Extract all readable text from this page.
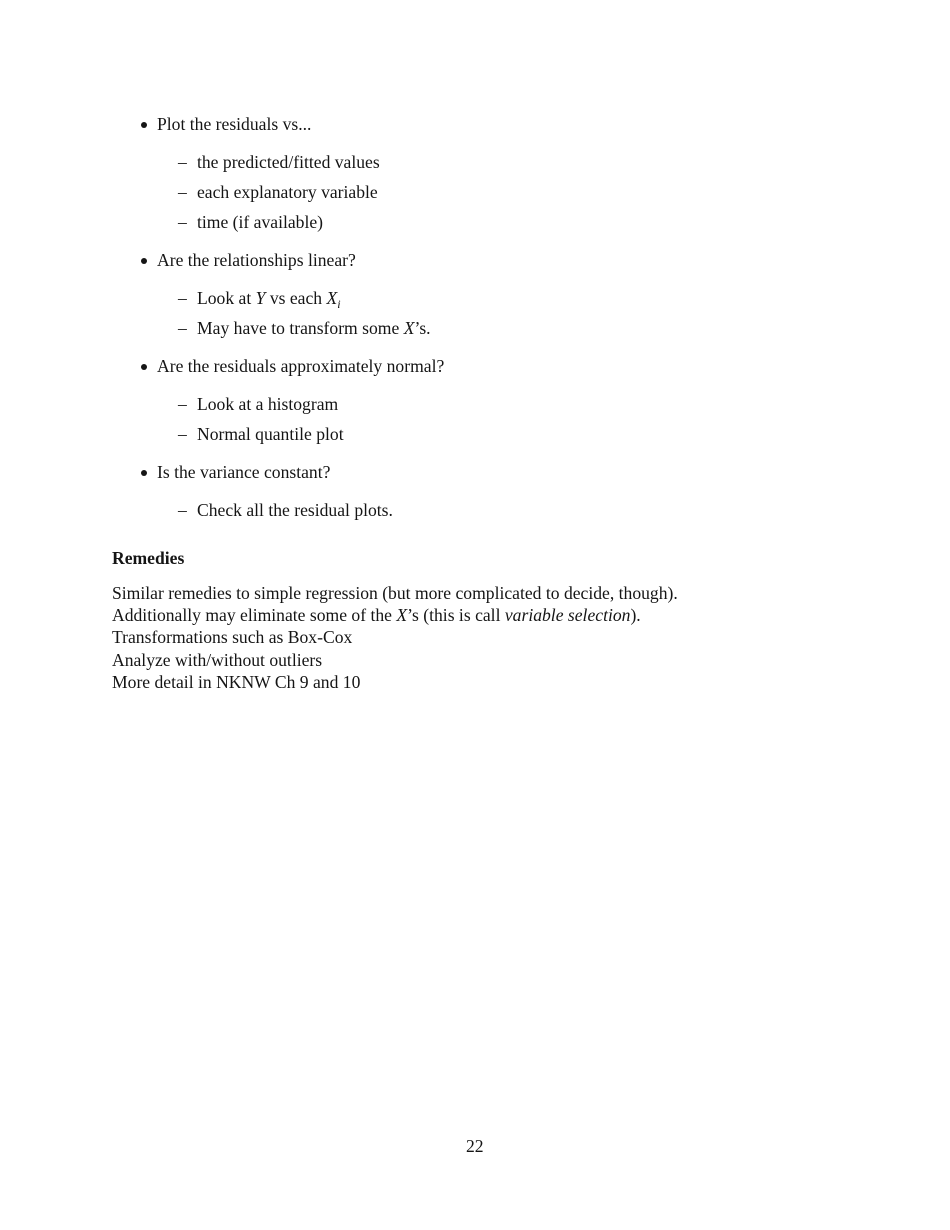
Plot the residuals vs...
– the predicted/fitted values
– each explanatory variable
– time (if available)
Are the relationships linear?
– Look at Y vs each $X_i$
– May have to transform some X’s.
Are the residuals approximately normal?
– Look at a histogram
– Normal quantile plot
Is the variance constant?
– Check all the residual plots.
Remedies
Similar remedies to simple regression (but more complicated to decide, though).
Additionally may eliminate some of the X’s (this is call variable selection).
Transformations such as Box-Cox
Analyze with/without outliers
More detail in NKNW Ch 9 and 10
22
